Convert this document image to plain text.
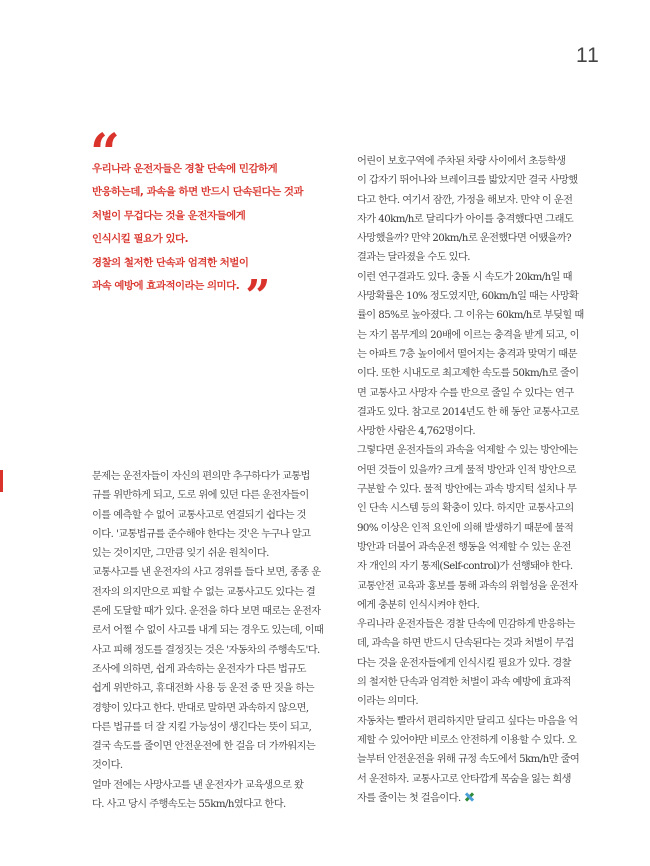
11
“
우리나라 운전자들은 경찰 단속에 민감하게
반응하는데, 과속을 하면 반드시 단속된다는 것과
처벌이 무겁다는 것을 운전자들에게
인식시킬 필요가 있다.
경찰의 철저한 단속과 엄격한 처벌이
과속 예방에 효과적이라는 의미다. ”
문제는 운전자들이 자신의 편의만 추구하다가 교통법
규를 위반하게 되고, 도로 위에 있던 다른 운전자들이
이를 예측할 수 없어 교통사고로 연결되기 쉽다는 것
이다. '교통법규를 준수해야 한다는 것'은 누구나 알고
있는 것이지만, 그만큼 잊기 쉬운 원칙이다.
교통사고를 낸 운전자의 사고 경위를 들다 보면, 종종 운
전자의 의지만으로 피할 수 없는 교통사고도 있다는 결
론에 도달할 때가 있다. 운전을 하다 보면 때로는 운전자
로서 어쩔 수 없이 사고를 내게 되는 경우도 있는데, 이때
사고 피해 정도를 결정짓는 것은 '자동차의 주행속도'다.
조사에 의하면, 쉽게 과속하는 운전자가 다른 법규도
쉽게 위반하고, 휴대전화 사용 등 운전 중 딴 짓을 하는
경향이 있다고 한다. 반대로 말하면 과속하지 않으면,
다른 법규를 더 잘 지킬 가능성이 생긴다는 뜻이 되고,
결국 속도를 줄이면 안전운전에 한 걸음 더 가까워지는
것이다.
얼마 전에는 사망사고를 낸 운전자가 교육생으로 왔
다. 사고 당시 주행속도는 55km/h였다고 한다.
어린이 보호구역에 주차된 차량 사이에서 초등학생
이 갑자기 뛰어나와 브레이크를 밟았지만 결국 사망했
다고 한다. 여기서 잠깐, 가정을 해보자. 만약 이 운전
자가 40km/h로 달리다가 아이를 충격했다면 그래도
사망했을까? 만약 20km/h로 운전했다면 어땠을까?
결과는 달라졌을 수도 있다.
이런 연구결과도 있다. 충돌 시 속도가 20km/h일 때
사망확률은 10% 정도였지만, 60km/h일 때는 사망확
률이 85%로 높아졌다. 그 이유는 60km/h로 부딪힐 때
는 자기 몸무게의 20배에 이르는 충격을 받게 되고, 이
는 아파트 7층 높이에서 떨어지는 충격과 맞먹기 때문
이다. 또한 시내도로 최고제한 속도를 50km/h로 줄이
면 교통사고 사망자 수를 반으로 줄일 수 있다는 연구
결과도 있다. 참고로 2014년도 한 해 동안 교통사고로
사망한 사람은 4,762명이다.
그렇다면 운전자들의 과속을 억제할 수 있는 방안에는
어떤 것들이 있을까? 크게 물적 방안과 인적 방안으로
구분할 수 있다. 물적 방안에는 과속 방지턱 설치나 무
인 단속 시스템 등의 확충이 있다. 하지만 교통사고의
90% 이상은 인적 요인에 의해 발생하기 때문에 물적
방안과 더불어 과속운전 행동을 억제할 수 있는 운전
자 개인의 자기 통제(Self-control)가 선행돼야 한다.
교통안전 교육과 홍보를 통해 과속의 위험성을 운전자
에게 충분히 인식시켜야 한다.
우리나라 운전자들은 경찰 단속에 민감하게 반응하는
데, 과속을 하면 반드시 단속된다는 것과 처벌이 무겁
다는 것을 운전자들에게 인식시킬 필요가 있다. 경찰
의 철저한 단속과 엄격한 처벌이 과속 예방에 효과적
이라는 의미다.
자동차는 빨라서 편리하지만 달리고 싶다는 마음을 억
제할 수 있어야만 비로소 안전하게 이용할 수 있다. 오
늘부터 안전운전을 위해 규정 속도에서 5km/h만 줄여
서 운전하자. 교통사고로 안타깝게 목숨을 잃는 희생
자를 줄이는 첫 걸음이다.
